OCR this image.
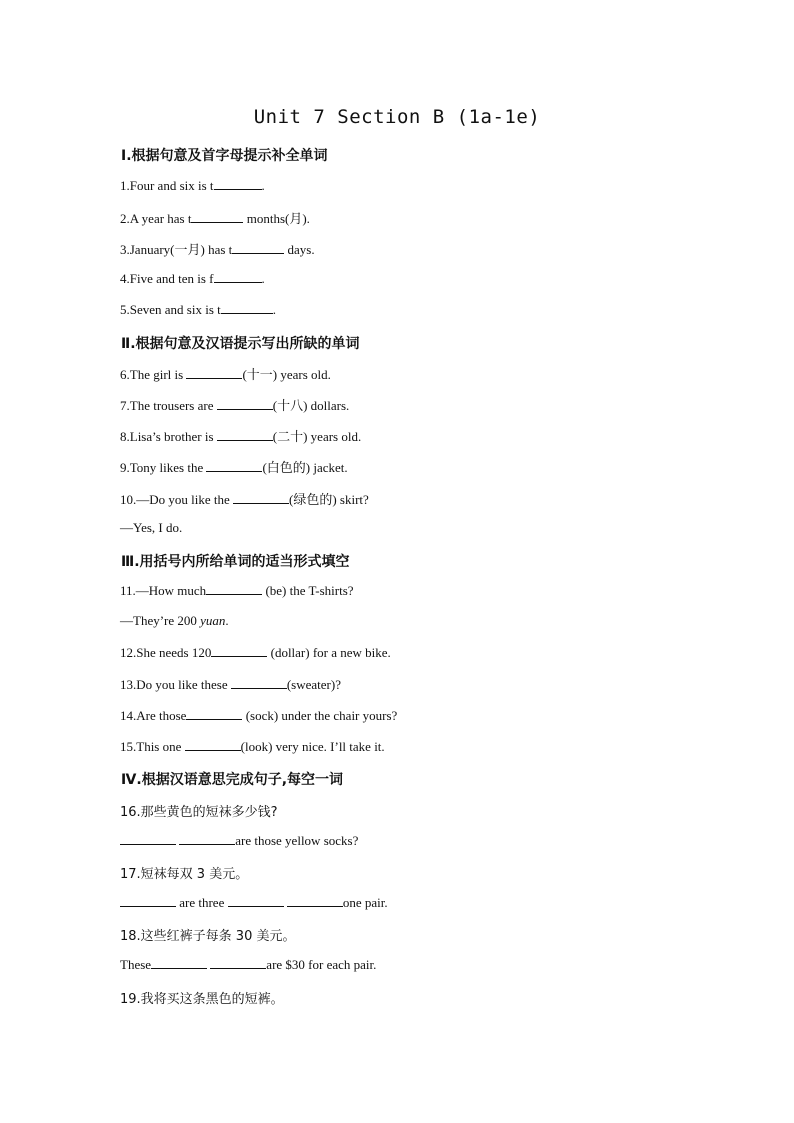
Unit 7 Section B (1a-1e)
Ⅰ.根据句意及首字母提示补全单词
1.Four and six is t	.
2.A year has t	months(月).
3.January(一月) has t	days.
4.Five and ten is f	.
5.Seven and six is t	.
Ⅱ.根据句意及汉语提示写出所缺的单词
6.The girl is	(十一) years old.
7.The trousers are	(十八) dollars.
8.Lisa’s brother is	(二十) years old.
9.Tony likes the	(白色的) jacket.
10.—Do you like the	(绿色的) skirt?
—Yes, I do.
Ⅲ.用括号内所给单词的适当形式填空
11.—How much	(be) the T-shirts?
—They’re 200 yuan.
12.She needs 120	(dollar) for a new bike.
13.Do you like these	(sweater)?
14.Are those	(sock) under the chair yours?
15.This one	(look) very nice. I’ll take it.
Ⅳ.根据汉语意思完成句子,每空一词
16.那些黄色的短袜多少钱?
are those yellow socks?
17.短袜每双 3 美元。
are three	one pair.
18.这些红裤子每条 30 美元。
These	are $30 for each pair.
19.我将买这条黑色的短裤。
